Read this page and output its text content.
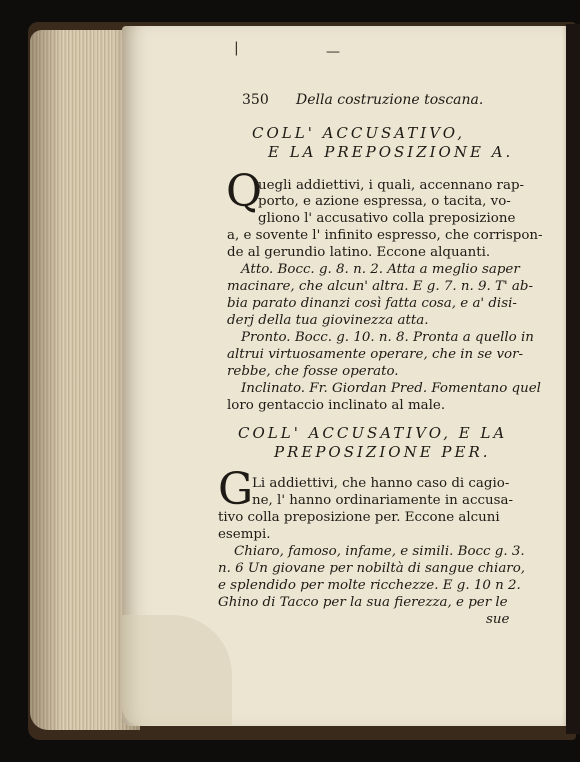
|	—
350 Della costruzione toscana.
COLL' ACCUSATIVO,
E LA PREPOSIZIONE A.
Q
uegli addiettivi, i quali, accennano rap-
porto, e azione espressa, o tacita, vo-
gliono l' accusativo colla preposizione
a, e sovente l' infinito espresso, che corrispon-
de al gerundio latino. Eccone alquanti.
Atto. Bocc. g. 8. n. 2. Atta a meglio saper
macinare, che alcun' altra. E g. 7. n. 9. T' ab-
bia parato dinanzi così fatta cosa, e a' disi-
derj della tua giovinezza atta.
Pronto. Bocc. g. 10. n. 8. Pronta a quello in
altrui virtuosamente operare, che in se vor-
rebbe, che fosse operato.
Inclinato. Fr. Giordan Pred. Fomentano quel
loro gentaccio inclinato al male.
COLL' ACCUSATIVO, E LA
PREPOSIZIONE PER.
G
Li addiettivi, che hanno caso di cagio-
ne, l' hanno ordinariamente in accusa-
tivo colla preposizione per. Eccone alcuni
esempi.
Chiaro, famoso, infame, e simili. Bocc g. 3.
n. 6 Un giovane per nobiltà di sangue chiaro,
e splendido per molte ricchezze. E g. 10 n 2.
Ghino di Tacco per la sua fierezza, e per le
sue
